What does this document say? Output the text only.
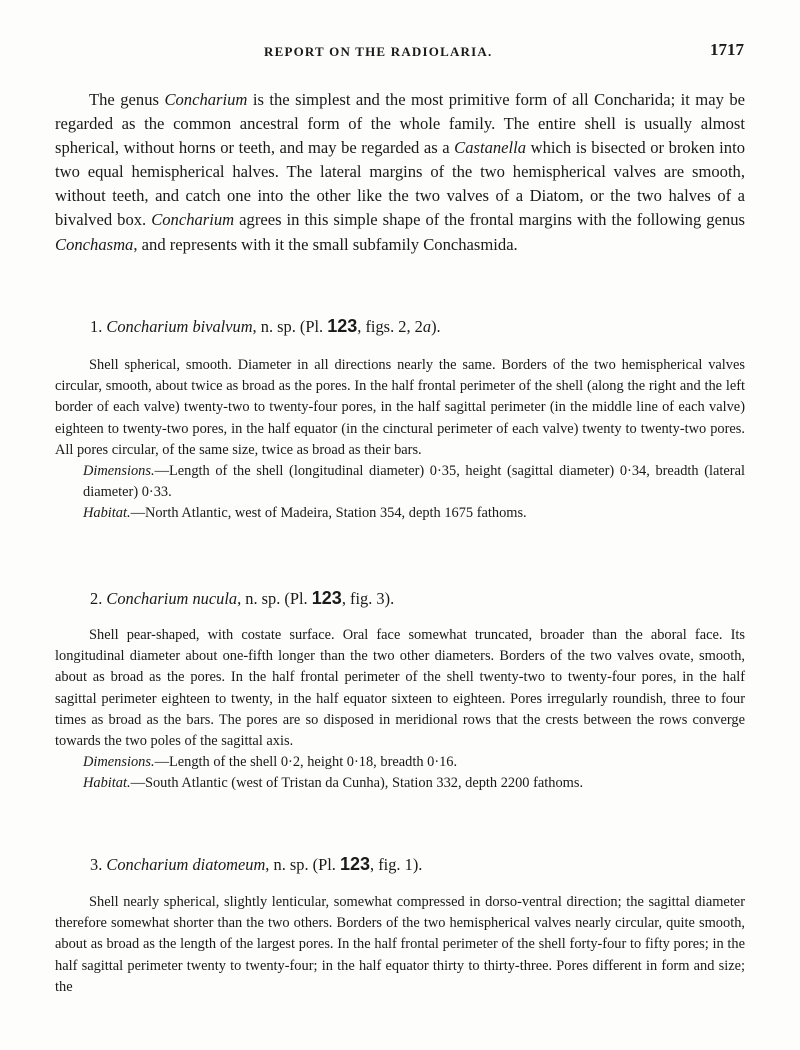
REPORT ON THE RADIOLARIA.	1717

The genus Concharium is the simplest and the most primitive form of all Concharida; it may be regarded as the common ancestral form of the whole family. The entire shell is usually almost spherical, without horns or teeth, and may be regarded as a Castanella which is bisected or broken into two equal hemispherical halves. The lateral margins of the two hemispherical valves are smooth, without teeth, and catch one into the other like the two valves of a Diatom, or the two halves of a bivalved box. Concharium agrees in this simple shape of the frontal margins with the following genus Conchasma, and represents with it the small subfamily Conchasmida.

1. Concharium bivalvum, n. sp. (Pl. 123, figs. 2, 2a).

Shell spherical, smooth. Diameter in all directions nearly the same. Borders of the two hemispherical valves circular, smooth, about twice as broad as the pores. In the half frontal perimeter of the shell (along the right and the left border of each valve) twenty-two to twenty-four pores, in the half sagittal perimeter (in the middle line of each valve) eighteen to twenty-two pores, in the half equator (in the cinctural perimeter of each valve) twenty to twenty-two pores. All pores circular, of the same size, twice as broad as their bars.

Dimensions.—Length of the shell (longitudinal diameter) 0·35, height (sagittal diameter) 0·34, breadth (lateral diameter) 0·33.

Habitat.—North Atlantic, west of Madeira, Station 354, depth 1675 fathoms.

2. Concharium nucula, n. sp. (Pl. 123, fig. 3).

Shell pear-shaped, with costate surface. Oral face somewhat truncated, broader than the aboral face. Its longitudinal diameter about one-fifth longer than the two other diameters. Borders of the two valves ovate, smooth, about as broad as the pores. In the half frontal perimeter of the shell twenty-two to twenty-four pores, in the half sagittal perimeter eighteen to twenty, in the half equator sixteen to eighteen. Pores irregularly roundish, three to four times as broad as the bars. The pores are so disposed in meridional rows that the crests between the rows converge towards the two poles of the sagittal axis.

Dimensions.—Length of the shell 0·2, height 0·18, breadth 0·16.

Habitat.—South Atlantic (west of Tristan da Cunha), Station 332, depth 2200 fathoms.

3. Concharium diatomeum, n. sp. (Pl. 123, fig. 1).

Shell nearly spherical, slightly lenticular, somewhat compressed in dorso-ventral direction; the sagittal diameter therefore somewhat shorter than the two others. Borders of the two hemispherical valves nearly circular, quite smooth, about as broad as the length of the largest pores. In the half frontal perimeter of the shell forty-four to fifty pores; in the half sagittal perimeter twenty to twenty-four; in the half equator thirty to thirty-three. Pores different in form and size; the
